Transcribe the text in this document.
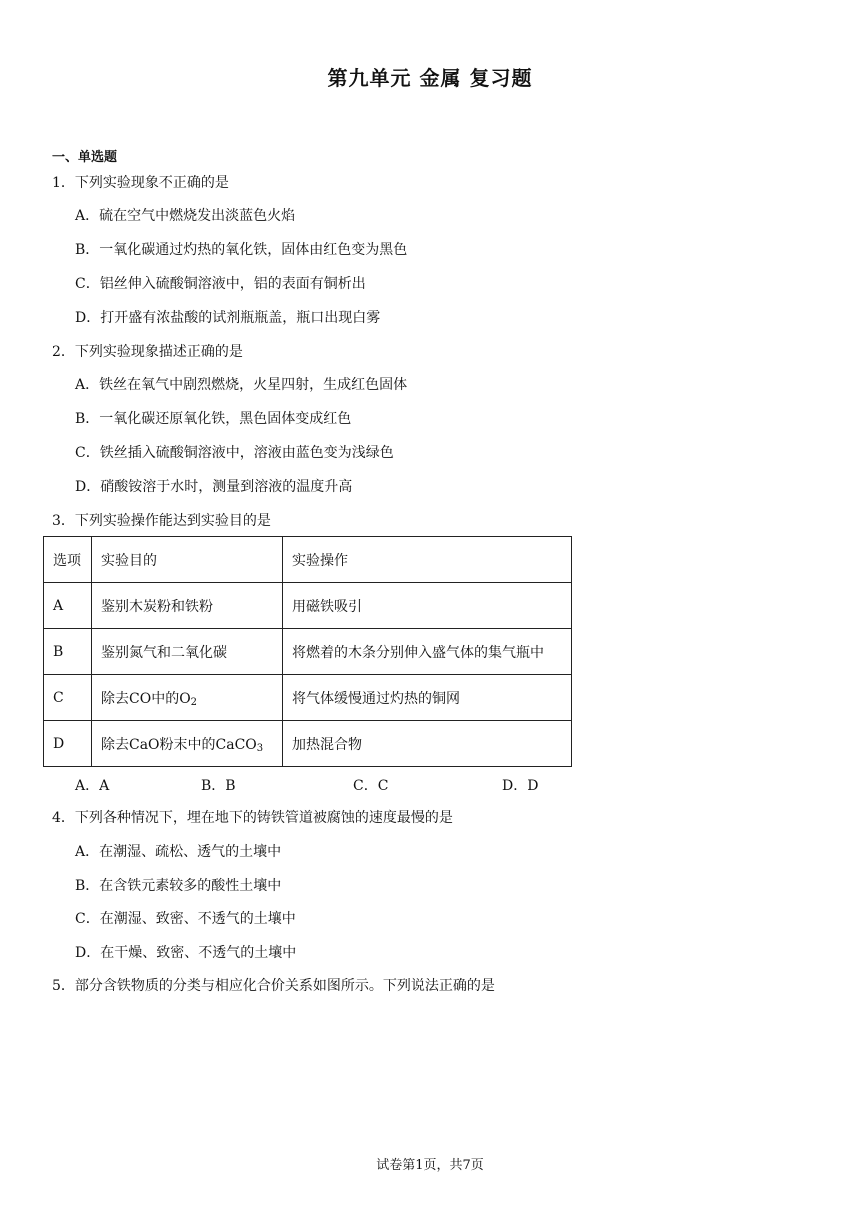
第九单元 金属 复习题
一、单选题
1．下列实验现象不正确的是
A．硫在空气中燃烧发出淡蓝色火焰
B．一氧化碳通过灼热的氧化铁，固体由红色变为黑色
C．铝丝伸入硫酸铜溶液中，铝的表面有铜析出
D．打开盛有浓盐酸的试剂瓶瓶盖，瓶口出现白雾
2．下列实验现象描述正确的是
A．铁丝在氧气中剧烈燃烧，火星四射，生成红色固体
B．一氧化碳还原氧化铁，黑色固体变成红色
C．铁丝插入硫酸铜溶液中，溶液由蓝色变为浅绿色
D．硝酸铵溶于水时，测量到溶液的温度升高
3．下列实验操作能达到实验目的是
选项	实验目的	实验操作
A	鉴别木炭粉和铁粉	用磁铁吸引
B	鉴别氮气和二氧化碳	将燃着的木条分别伸入盛气体的集气瓶中
C	除去CO中的$O_2$	将气体缓慢通过灼热的铜网
D	除去CaO粉末中的CaCO$_3$	加热混合物
A．A	B．B	C．C	D．D
4．下列各种情况下，埋在地下的铸铁管道被腐蚀的速度最慢的是
A．在潮湿、疏松、透气的土壤中
B．在含铁元素较多的酸性土壤中
C．在潮湿、致密、不透气的土壤中
D．在干燥、致密、不透气的土壤中
5．部分含铁物质的分类与相应化合价关系如图所示。下列说法正确的是
试卷第1页，共7页
